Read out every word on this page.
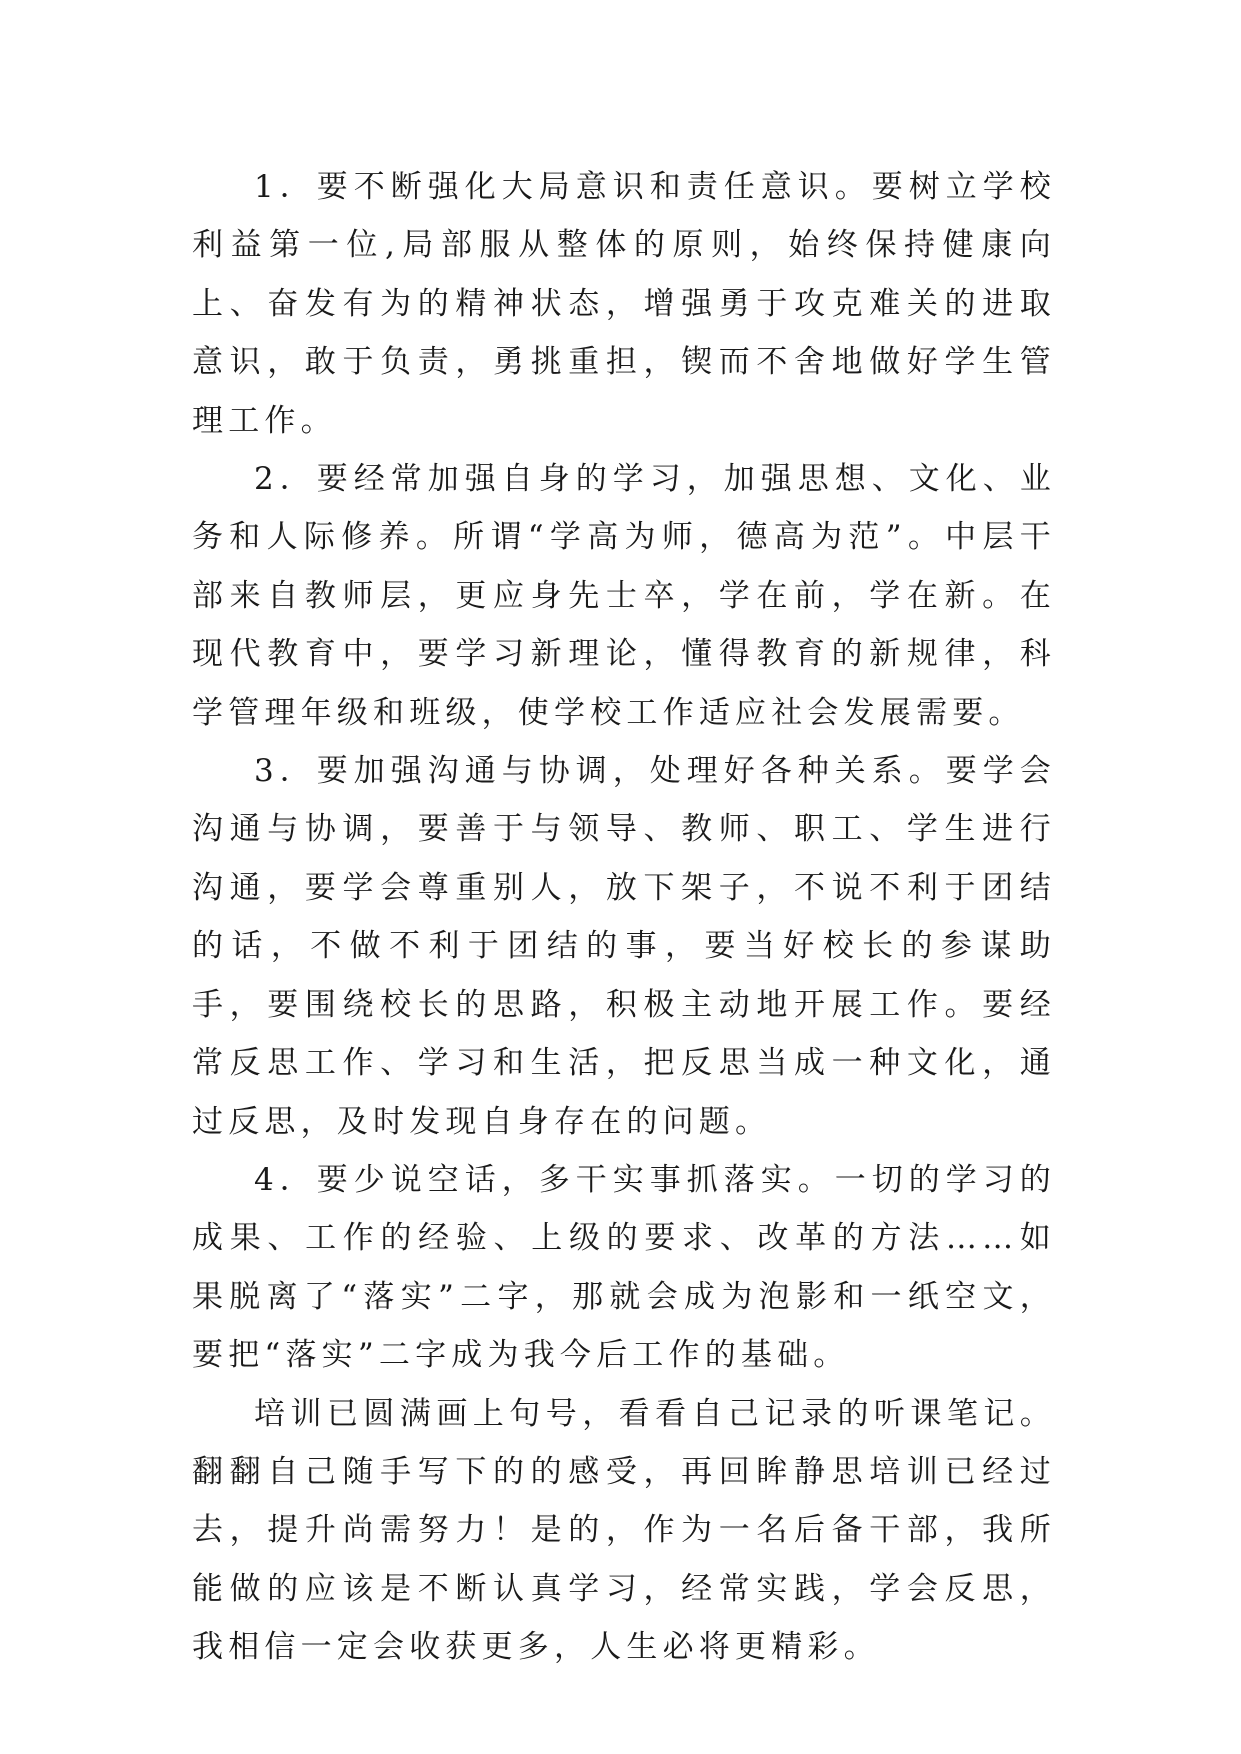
1．要不断强化大局意识和责任意识。要树立学校利益第一位,局部服从整体的原则，始终保持健康向上、奋发有为的精神状态，增强勇于攻克难关的进取意识，敢于负责，勇挑重担，锲而不舍地做好学生管理工作。

2．要经常加强自身的学习，加强思想、文化、业务和人际修养。所谓“学高为师，德高为范”。中层干部来自教师层，更应身先士卒，学在前，学在新。在现代教育中，要学习新理论，懂得教育的新规律，科学管理年级和班级，使学校工作适应社会发展需要。

3．要加强沟通与协调，处理好各种关系。要学会沟通与协调，要善于与领导、教师、职工、学生进行沟通，要学会尊重别人，放下架子，不说不利于团结的话，不做不利于团结的事，要当好校长的参谋助手，要围绕校长的思路，积极主动地开展工作。要经常反思工作、学习和生活，把反思当成一种文化，通过反思，及时发现自身存在的问题。

4．要少说空话，多干实事抓落实。一切的学习的成果、工作的经验、上级的要求、改革的方法……如果脱离了“落实”二字，那就会成为泡影和一纸空文，要把“落实”二字成为我今后工作的基础。

培训已圆满画上句号，看看自己记录的听课笔记。翻翻自己随手写下的的感受，再回眸静思培训已经过去，提升尚需努力！是的，作为一名后备干部，我所能做的应该是不断认真学习，经常实践，学会反思，我相信一定会收获更多，人生必将更精彩。
